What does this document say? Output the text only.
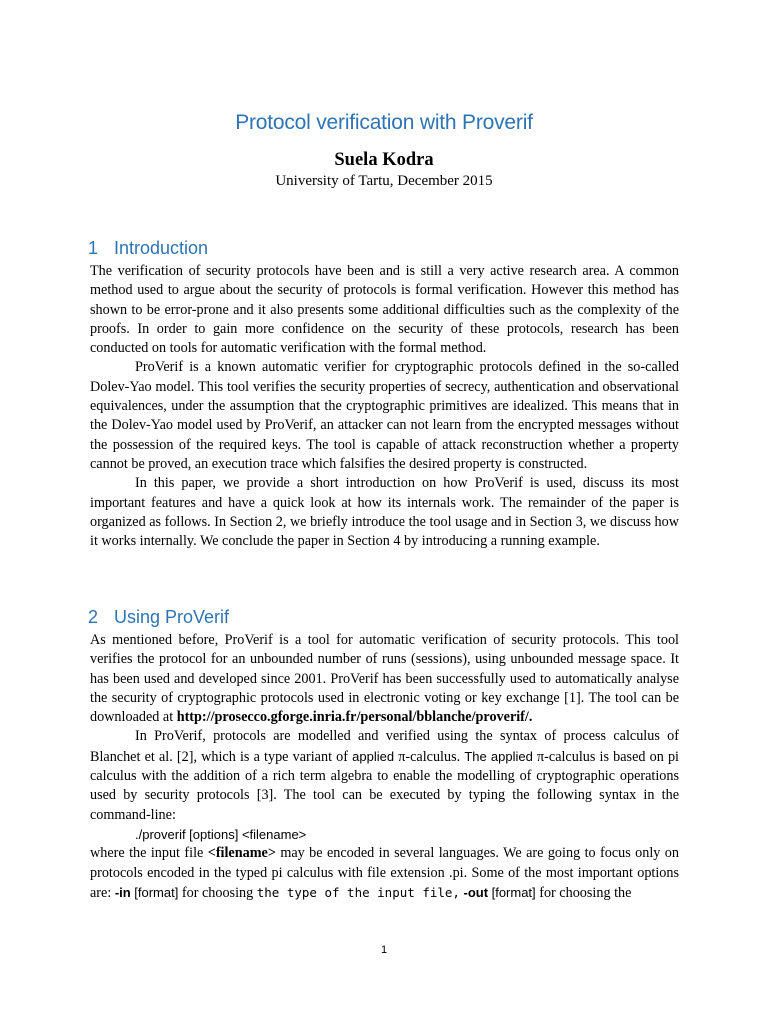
Protocol verification with Proverif
Suela Kodra
University of Tartu, December 2015
1 Introduction

The verification of security protocols have been and is still a very active research area. A common method used to argue about the security of protocols is formal verification. However this method has shown to be error-prone and it also presents some additional difficulties such as the complexity of the proofs. In order to gain more confidence on the security of these protocols, research has been conducted on tools for automatic verification with the formal method.

ProVerif is a known automatic verifier for cryptographic protocols defined in the so-called Dolev-Yao model. This tool verifies the security properties of secrecy, authentication and observational equivalences, under the assumption that the cryptographic primitives are idealized. This means that in the Dolev-Yao model used by ProVerif, an attacker can not learn from the encrypted messages without the possession of the required keys. The tool is capable of attack reconstruction whether a property cannot be proved, an execution trace which falsifies the desired property is constructed.

In this paper, we provide a short introduction on how ProVerif is used, discuss its most important features and have a quick look at how its internals work. The remainder of the paper is organized as follows. In Section 2, we briefly introduce the tool usage and in Section 3, we discuss how it works internally. We conclude the paper in Section 4 by introducing a running example.

2 Using ProVerif

As mentioned before, ProVerif is a tool for automatic verification of security protocols. This tool verifies the protocol for an unbounded number of runs (sessions), using unbounded message space. It has been used and developed since 2001. ProVerif has been successfully used to automatically analyse the security of cryptographic protocols used in electronic voting or key exchange [1]. The tool can be downloaded at http://prosecco.gforge.inria.fr/personal/bblanche/proverif/.

In ProVerif, protocols are modelled and verified using the syntax of process calculus of Blanchet et al. [2], which is a type variant of applied π-calculus. The applied π-calculus is based on pi calculus with the addition of a rich term algebra to enable the modelling of cryptographic operations used by security protocols [3]. The tool can be executed by typing the following syntax in the command-line:

./proverif [options] <filename>

where the input file <filename> may be encoded in several languages. We are going to focus only on protocols encoded in the typed pi calculus with file extension .pi. Some of the most important options are: -in [format] for choosing the type of the input file, -out [format] for choosing the

1
